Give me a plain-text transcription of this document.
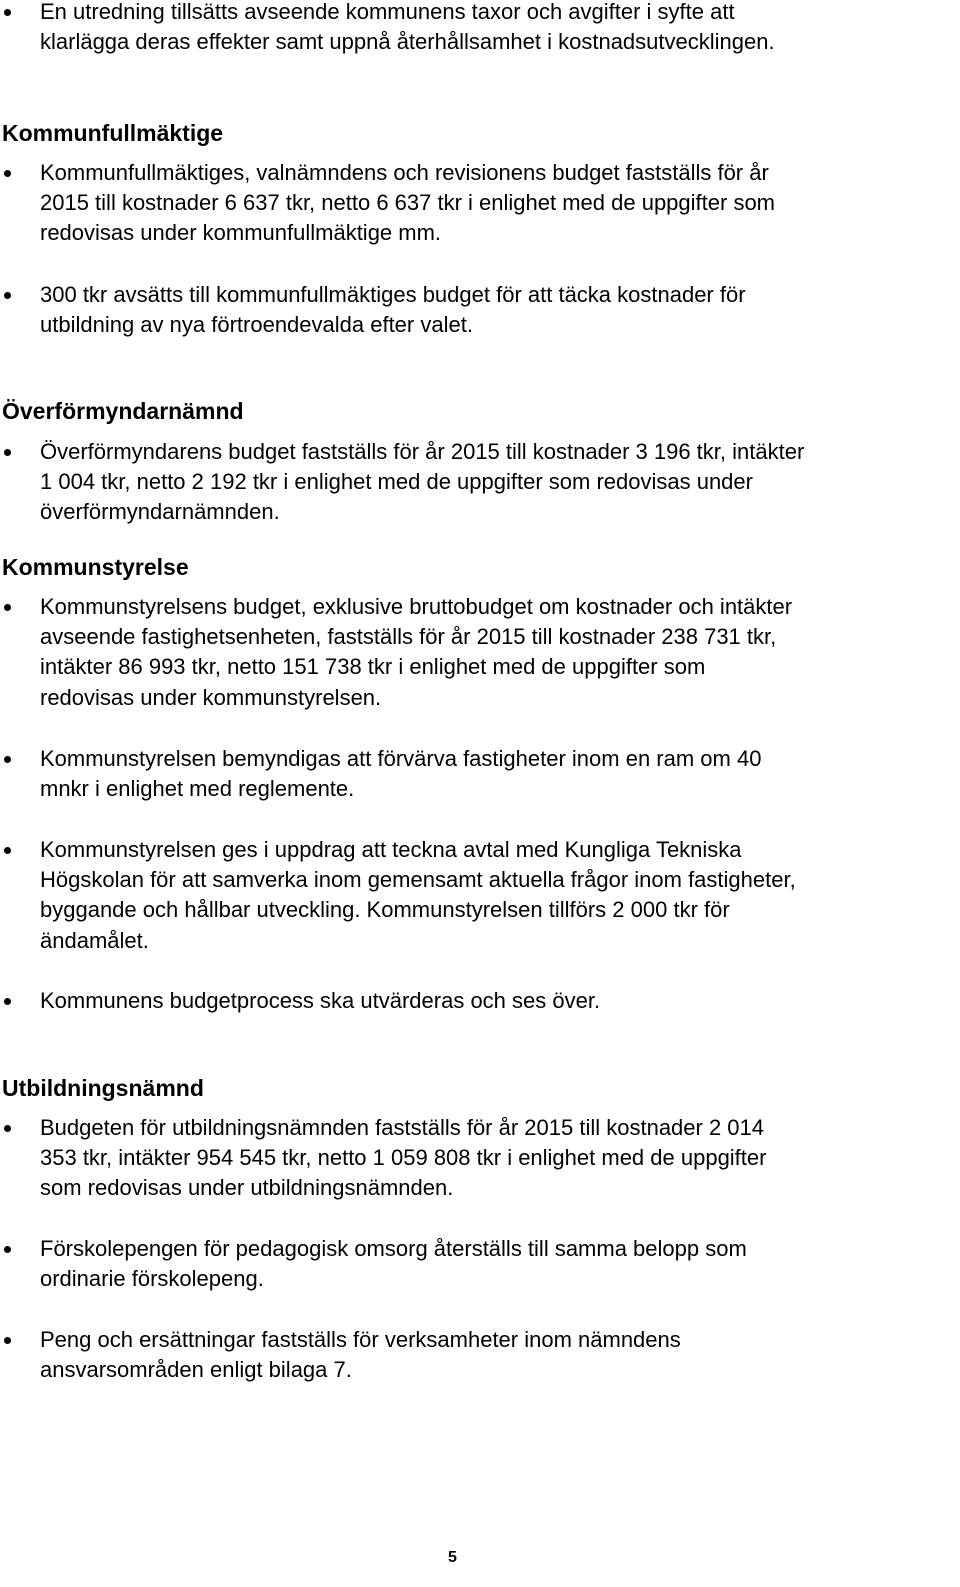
En utredning tillsätts avseende kommunens taxor och avgifter i syfte att
klarlägga deras effekter samt uppnå återhållsamhet i kostnadsutvecklingen.

Kommunfullmäktige

Kommunfullmäktiges, valnämndens och revisionens budget fastställs för år
2015 till kostnader 6 637 tkr, netto 6 637 tkr i enlighet med de uppgifter som
redovisas under kommunfullmäktige mm.

300 tkr avsätts till kommunfullmäktiges budget för att täcka kostnader för
utbildning av nya förtroendevalda efter valet.

Överförmyndarnämnd

Överförmyndarens budget fastställs för år 2015 till kostnader 3 196 tkr, intäkter
1 004 tkr, netto 2 192 tkr i enlighet med de uppgifter som redovisas under
överförmyndarnämnden.

Kommunstyrelse

Kommunstyrelsens budget, exklusive bruttobudget om kostnader och intäkter
avseende fastighetsenheten, fastställs för år 2015 till kostnader 238 731 tkr,
intäkter 86 993 tkr, netto 151 738 tkr i enlighet med de uppgifter som
redovisas under kommunstyrelsen.

Kommunstyrelsen bemyndigas att förvärva fastigheter inom en ram om 40
mnkr i enlighet med reglemente.

Kommunstyrelsen ges i uppdrag att teckna avtal med Kungliga Tekniska
Högskolan för att samverka inom gemensamt aktuella frågor inom fastigheter,
byggande och hållbar utveckling. Kommunstyrelsen tillförs 2 000 tkr för
ändamålet.

Kommunens budgetprocess ska utvärderas och ses över.

Utbildningsnämnd

Budgeten för utbildningsnämnden fastställs för år 2015 till kostnader 2 014
353 tkr, intäkter 954 545 tkr, netto 1 059 808 tkr i enlighet med de uppgifter
som redovisas under utbildningsnämnden.

Förskolepengen för pedagogisk omsorg återställs till samma belopp som
ordinarie förskolepeng.

Peng och ersättningar fastställs för verksamheter inom nämndens
ansvarsområden enligt bilaga 7.

5
